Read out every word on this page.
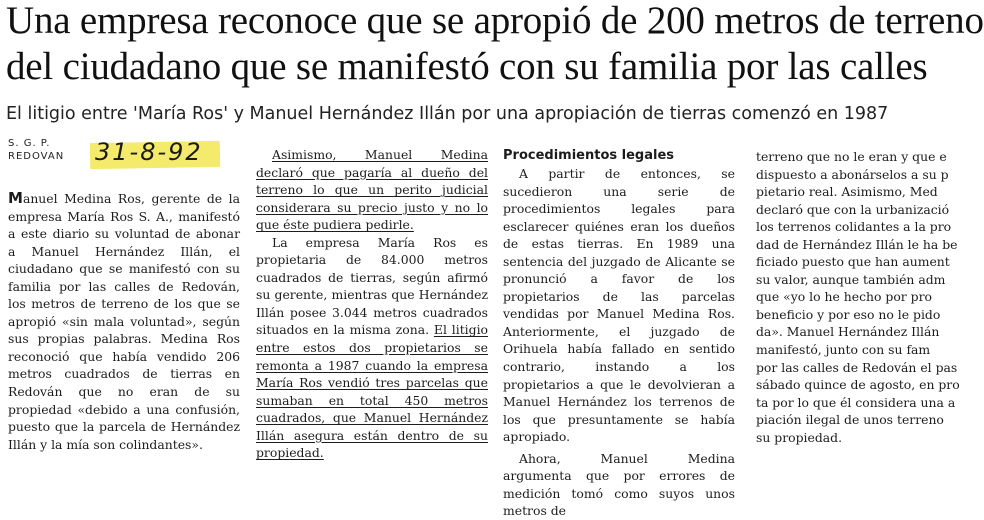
Una empresa reconoce que se apropió de 200 metros de terreno
del ciudadano que se manifestó con su familia por las calles
El litigio entre 'María Ros' y Manuel Hernández Illán por una apropiación de tierras comenzó en 1987
S. G. P.
REDOVAN	31-8-92

Manuel Medina Ros, gerente de la empresa María Ros S. A., manifestó a este diario su voluntad de abonar a Manuel Hernández Illán, el ciudadano que se manifestó con su familia por las calles de Redován, los metros de terreno de los que se apropió «sin mala voluntad», según sus propias palabras. Medina Ros reconoció que había vendido 206 metros cuadrados de tierras en Redován que no eran de su propiedad «debido a una confusión, puesto que la parcela de Hernández Illán y la mía son colindantes».

Asimismo, Manuel Medina declaró que pagaría al dueño del terreno lo que un perito judicial considerara su precio justo y no lo que éste pudiera pedirle.

La empresa María Ros es propietaria de 84.000 metros cuadrados de tierras, según afirmó su gerente, mientras que Hernández Illán posee 3.044 metros cuadrados situados en la misma zona. El litigio entre estos dos propietarios se remonta a 1987 cuando la empresa María Ros vendió tres parcelas que sumaban en total 450 metros cuadrados, que Manuel Hernández Illán asegura están dentro de su propiedad.

Procedimientos legales

A partir de entonces, se sucedieron una serie de procedimientos legales para esclarecer quiénes eran los dueños de estas tierras. En 1989 una sentencia del juzgado de Alicante se pronunció a favor de los propietarios de las parcelas vendidas por Manuel Medina Ros. Anteriormente, el juzgado de Orihuela había fallado en sentido contrario, instando a los propietarios a que le devolvieran a Manuel Hernández los terrenos de los que presuntamente se había apropiado.

Ahora, Manuel Medina argumenta que por errores de medición tomó como suyos unos metros de

terreno que no le eran y que e

dispuesto a abonárselos a su p

pietario real. Asimismo, Med

declaró que con la urbanizació

los terrenos colidantes a la pro

dad de Hernández Illán le ha be

ficiado puesto que han aument

su valor, aunque también adm

que «yo lo he hecho por pro

beneficio y por eso no le pido

da». Manuel Hernández Illán

manifestó, junto con su fam

por las calles de Redován el pas

sábado quince de agosto, en pro

ta por lo que él considera una a

piación ilegal de unos terreno

su propiedad.
